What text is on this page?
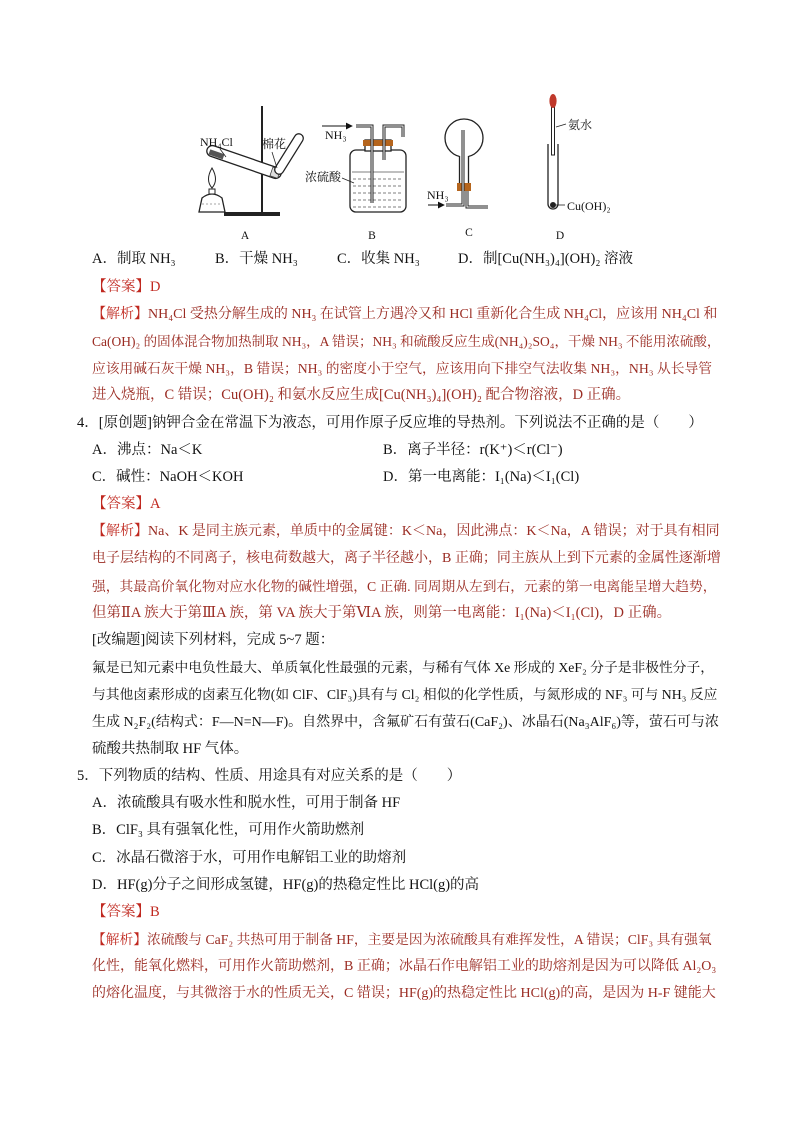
NH₄Cl 棉花
A
NH₃
浓硫酸
B
NH₃
C
氨水
Cu(OH)₂
D
A．制取 NH₃	B．干燥 NH₃	C．收集 NH₃	D．制[Cu(NH₃)₄](OH)₂ 溶液
【答案】D
【解析】NH₄Cl 受热分解生成的 NH₃ 在试管上方遇冷又和 HCl 重新化合生成 NH₄Cl，应该用 NH₄Cl 和
Ca(OH)₂ 的固体混合物加热制取 NH₃，A 错误；NH₃ 和硫酸反应生成(NH₄)₂SO₄，干燥 NH₃ 不能用浓硫酸，
应该用碱石灰干燥 NH₃，B 错误；NH₃ 的密度小于空气，应该用向下排空气法收集 NH₃，NH₃ 从长导管
进入烧瓶，C 错误；Cu(OH)₂ 和氨水反应生成[Cu(NH₃)₄](OH)₂ 配合物溶液，D 正确。
4．[原创题]钠钾合金在常温下为液态，可用作原子反应堆的导热剂。下列说法不正确的是（　　）
A．沸点：Na＜K	B．离子半径：r(K⁺)＜r(Cl⁻)
C．碱性：NaOH＜KOH	D．第一电离能：I₁(Na)＜I₁(Cl)
【答案】A
【解析】Na、K 是同主族元素，单质中的金属键：K＜Na，因此沸点：K＜Na，A 错误；对于具有相同
电子层结构的不同离子，核电荷数越大，离子半径越小，B 正确；同主族从上到下元素的金属性逐渐增
强，其最高价氧化物对应水化物的碱性增强，C 正确. 同周期从左到右，元素的第一电离能呈增大趋势，
但第ⅡA 族大于第ⅢA 族，第 VA 族大于第ⅥA 族，则第一电离能：I₁(Na)＜I₁(Cl)，D 正确。
[改编题]阅读下列材料，完成 5~7 题：
氟是已知元素中电负性最大、单质氧化性最强的元素，与稀有气体 Xe 形成的 XeF₂ 分子是非极性分子，
与其他卤素形成的卤素互化物(如 ClF、ClF₃)具有与 Cl₂ 相似的化学性质，与氮形成的 NF₃ 可与 NH₃ 反应
生成 N₂F₂(结构式：F—N=N—F)。自然界中，含氟矿石有萤石(CaF₂)、冰晶石(Na₃AlF₆)等，萤石可与浓
硫酸共热制取 HF 气体。
5．下列物质的结构、性质、用途具有对应关系的是（　　）
A．浓硫酸具有吸水性和脱水性，可用于制备 HF
B．ClF₃ 具有强氧化性，可用作火箭助燃剂
C．冰晶石微溶于水，可用作电解铝工业的助熔剂
D．HF(g)分子之间形成氢键，HF(g)的热稳定性比 HCl(g)的高
【答案】B
【解析】浓硫酸与 CaF₂ 共热可用于制备 HF，主要是因为浓硫酸具有难挥发性，A 错误；ClF₃ 具有强氧
化性，能氧化燃料，可用作火箭助燃剂，B 正确；冰晶石作电解铝工业的助熔剂是因为可以降低 Al₂O₃
的熔化温度，与其微溶于水的性质无关，C 错误；HF(g)的热稳定性比 HCl(g)的高，是因为 H-F 键能大
